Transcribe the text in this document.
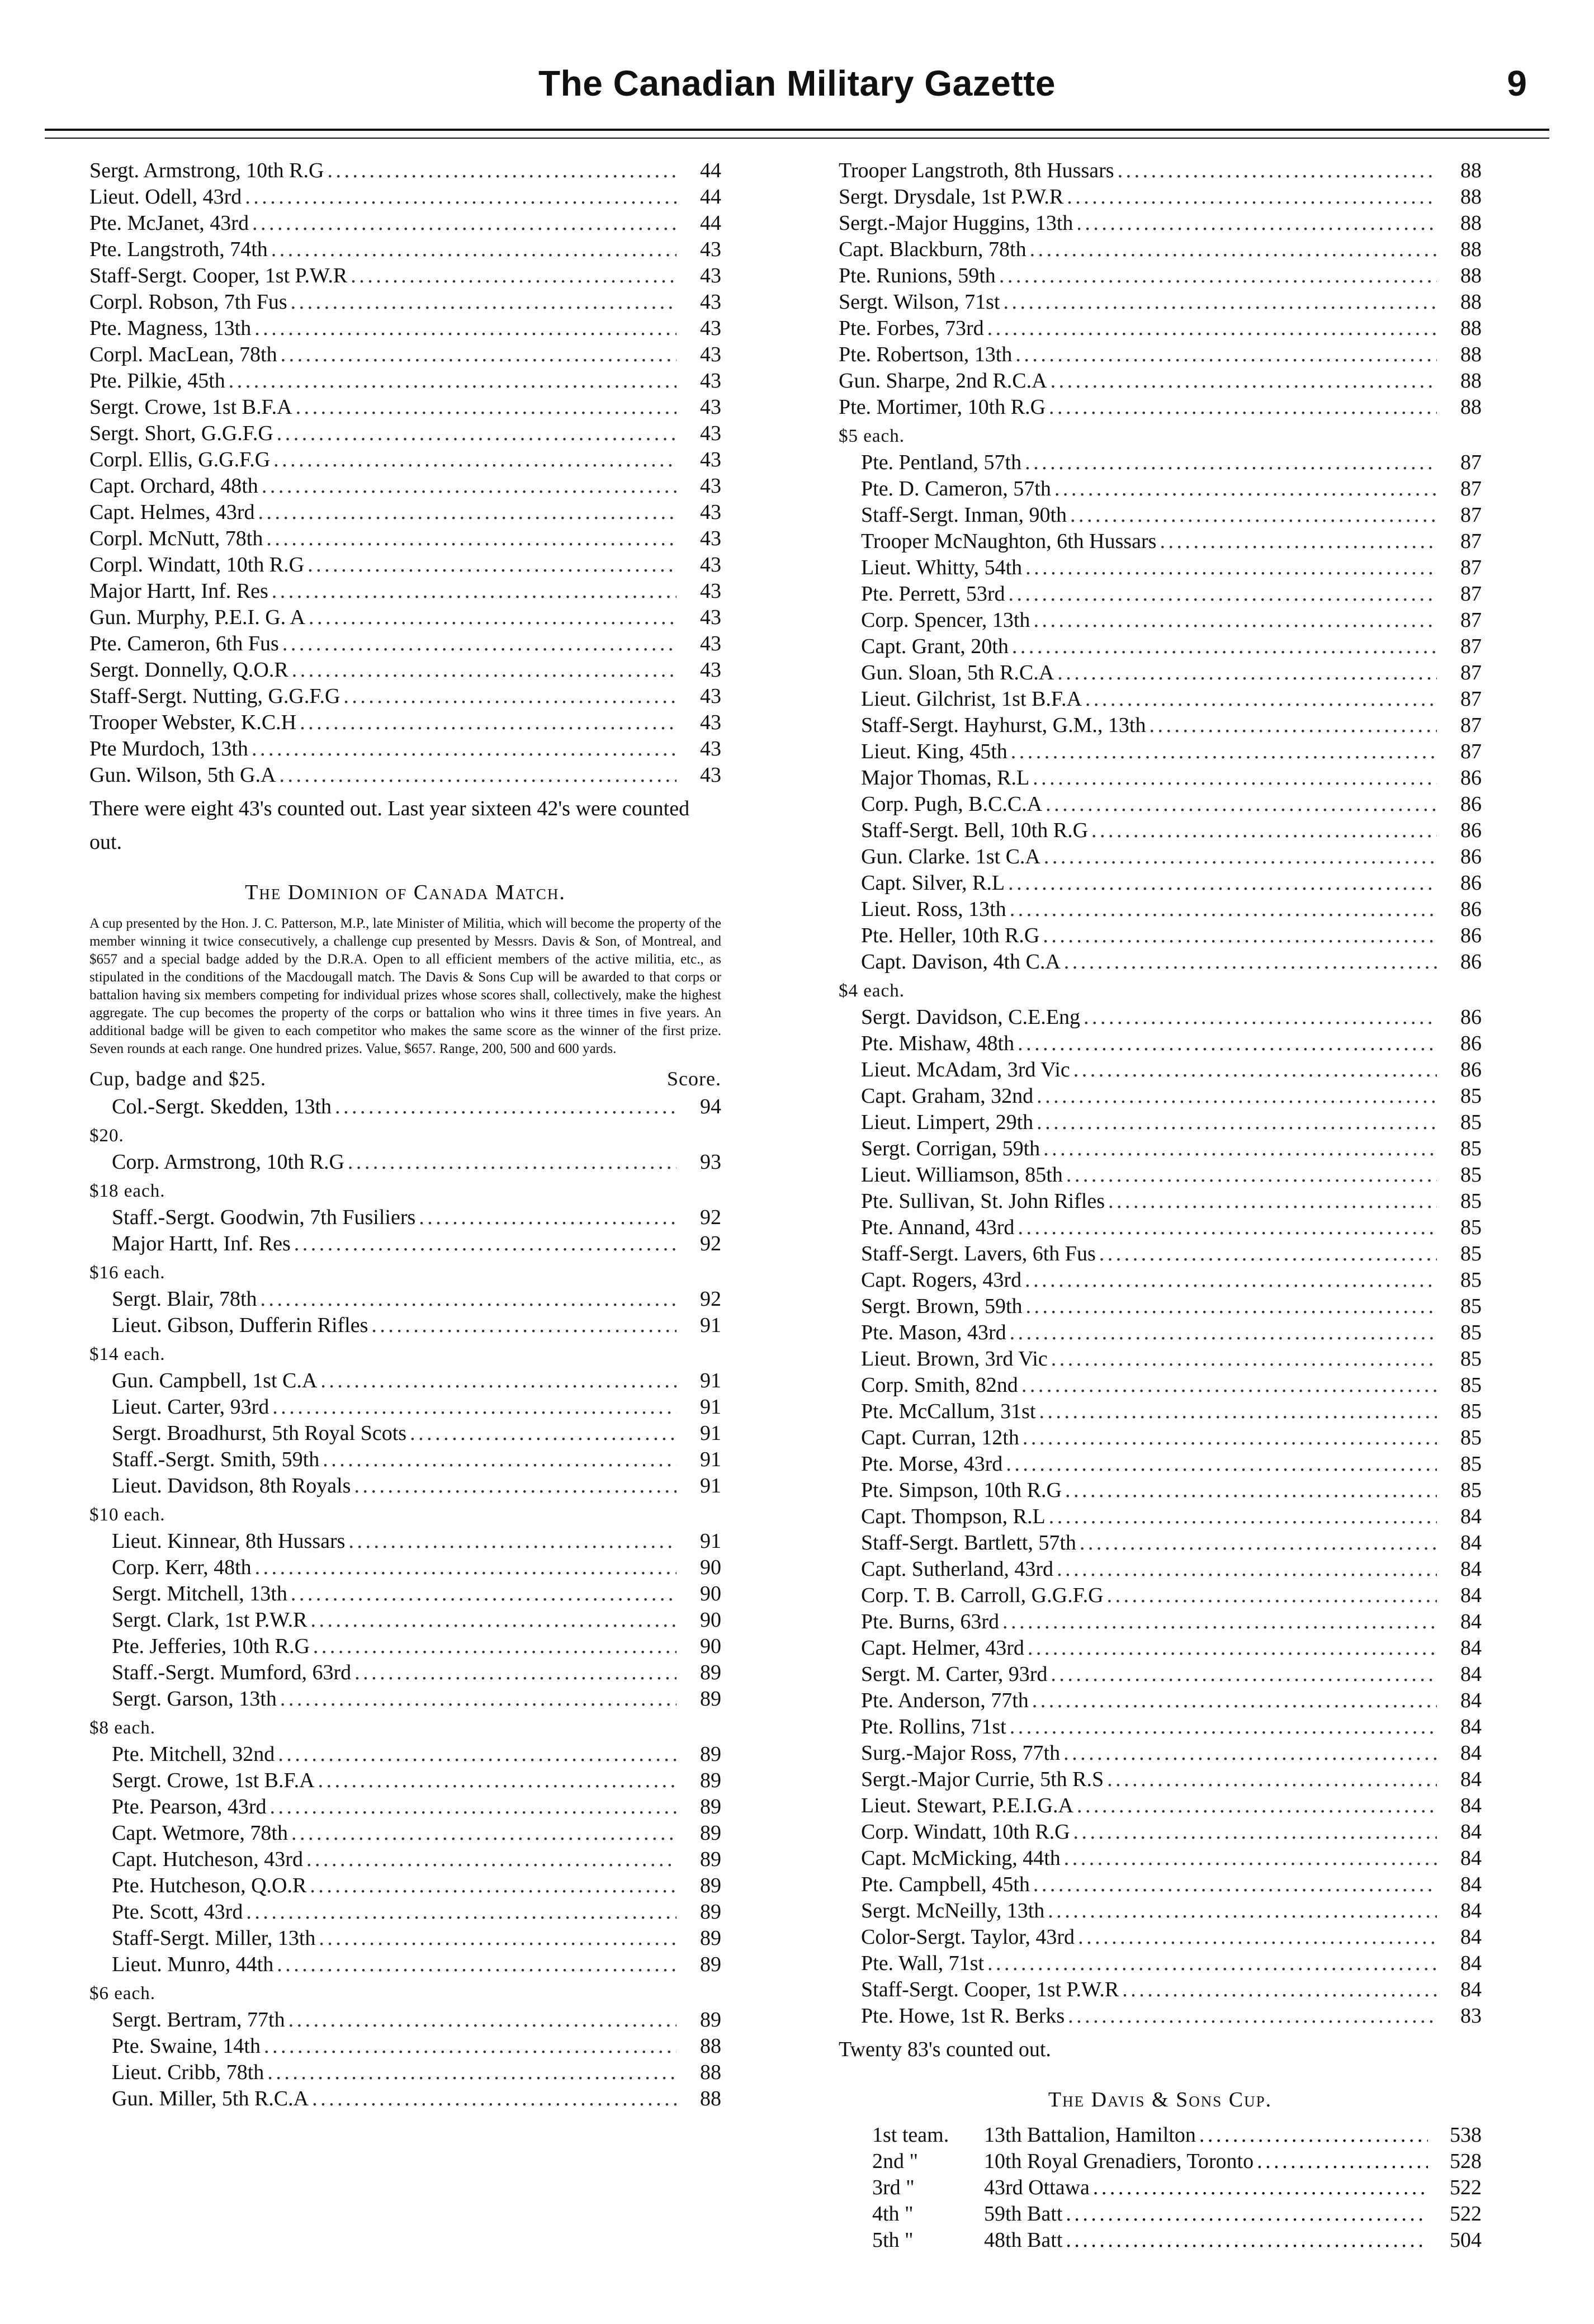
The Canadian Military Gazette	9
Sergt. Armstrong, 10th R.G . . .	44
Lieut. Odell, 43rd . . .	44
Pte. McJanet, 43rd . . .	44
Pte. Langstroth, 74th . . .	43
Staff-Sergt. Cooper, 1st P.W.R . . .	43
Corpl. Robson, 7th Fus . . .	43
Pte. Magness, 13th . . .	43
Corpl. MacLean, 78th . . .	43
Pte. Pilkie, 45th . . .	43
Sergt. Crowe, 1st B.F.A . . .	43
Sergt. Short, G.G.F.G . . .	43
Corpl. Ellis, G.G.F.G . . .	43
Capt. Orchard, 48th . . .	43
Capt. Helmes, 43rd . . .	43
Corpl. McNutt, 78th . . .	43
Corpl. Windatt, 10th R.G . . .	43
Major Hartt, Inf. Res . . .	43
Gun. Murphy, P.E.I. G. A . . .	43
Pte. Cameron, 6th Fus . . .	43
Sergt. Donnelly, Q.O.R . . .	43
Staff-Sergt. Nutting, G.G.F.G . . .	43
Trooper Webster, K.C.H . . .	43
Pte Murdoch, 13th . . .	43
Gun. Wilson, 5th G.A . . .	43

There were eight 43's counted out. Last year sixteen 42's were counted out.

The Dominion of Canada Match.

A cup presented by the Hon. J. C. Patterson, M.P., late Minister of Militia, which will become the property of the member winning it twice consecutively, a challenge cup presented by Messrs. Davis & Son, of Montreal, and $657 and a special badge added by the D.R.A. Open to all efficient members of the active militia, etc., as stipulated in the conditions of the Macdougall match. The Davis & Sons Cup will be awarded to that corps or battalion having six members competing for individual prizes whose scores shall, collectively, make the highest aggregate. The cup becomes the property of the corps or battalion who wins it three times in five years. An additional badge will be given to each competitor who makes the same score as the winner of the first prize. Seven rounds at each range. One hundred prizes. Value, $657. Range, 200, 500 and 600 yards.

Cup, badge and $25.	Score.
Col.-Sergt. Skedden, 13th . . .	94
$20.
Corp. Armstrong, 10th R.G . . .	93
$18 each.
Staff.-Sergt. Goodwin, 7th Fusiliers . . .	92
Major Hartt, Inf. Res . . .	92
$16 each.
Sergt. Blair, 78th . . .	92
Lieut. Gibson, Dufferin Rifles . . .	91
$14 each.
Gun. Campbell, 1st C.A . . .	91
Lieut. Carter, 93rd . . .	91
Sergt. Broadhurst, 5th Royal Scots . . .	91
Staff.-Sergt. Smith, 59th . . .	91
Lieut. Davidson, 8th Royals . . .	91
$10 each.
Lieut. Kinnear, 8th Hussars . . .	91
Corp. Kerr, 48th . . .	90
Sergt. Mitchell, 13th . . .	90
Sergt. Clark, 1st P.W.R . . .	90
Pte. Jefferies, 10th R.G . . .	90
Staff.-Sergt. Mumford, 63rd . . .	89
Sergt. Garson, 13th . . .	89
$8 each.
Pte. Mitchell, 32nd . . .	89
Sergt. Crowe, 1st B.F.A . . .	89
Pte. Pearson, 43rd . . .	89
Capt. Wetmore, 78th . . .	89
Capt. Hutcheson, 43rd . . .	89
Pte. Hutcheson, Q.O.R . . .	89
Pte. Scott, 43rd . . .	89
Staff-Sergt. Miller, 13th . . .	89
Lieut. Munro, 44th . . .	89
$6 each.
Sergt. Bertram, 77th . . .	89
Pte. Swaine, 14th . . .	88
Lieut. Cribb, 78th . . .	88
Gun. Miller, 5th R.C.A . . .	88
Trooper Langstroth, 8th Hussars . . .	88
Sergt. Drysdale, 1st P.W.R . . .	88
Sergt.-Major Huggins, 13th . . .	88
Capt. Blackburn, 78th . . .	88
Pte. Runions, 59th . . .	88
Sergt. Wilson, 71st . . .	88
Pte. Forbes, 73rd . . .	88
Pte. Robertson, 13th . . .	88
Gun. Sharpe, 2nd R.C.A . . .	88
Pte. Mortimer, 10th R.G . . .	88
$5 each.
Pte. Pentland, 57th . . .	87
Pte. D. Cameron, 57th . . .	87
Staff-Sergt. Inman, 90th . . .	87
Trooper McNaughton, 6th Hussars . . .	87
Lieut. Whitty, 54th . . .	87
Pte. Perrett, 53rd . . .	87
Corp. Spencer, 13th . . .	87
Capt. Grant, 20th . . .	87
Gun. Sloan, 5th R.C.A . . .	87
Lieut. Gilchrist, 1st B.F.A . . .	87
Staff-Sergt. Hayhurst, G.M., 13th . . .	87
Lieut. King, 45th . . .	87
Major Thomas, R.L . . .	86
Corp. Pugh, B.C.C.A . . .	86
Staff-Sergt. Bell, 10th R.G . . .	86
Gun. Clarke. 1st C.A . . .	86
Capt. Silver, R.L . . .	86
Lieut. Ross, 13th . . .	86
Pte. Heller, 10th R.G . . .	86
Capt. Davison, 4th C.A . . .	86
$4 each.
Sergt. Davidson, C.E.Eng . . .	86
Pte. Mishaw, 48th . . .	86
Lieut. McAdam, 3rd Vic . . .	86
Capt. Graham, 32nd . . .	85
Lieut. Limpert, 29th . . .	85
Sergt. Corrigan, 59th . . .	85
Lieut. Williamson, 85th . . .	85
Pte. Sullivan, St. John Rifles . . .	85
Pte. Annand, 43rd . . .	85
Staff-Sergt. Lavers, 6th Fus . . .	85
Capt. Rogers, 43rd . . .	85
Sergt. Brown, 59th . . .	85
Pte. Mason, 43rd . . .	85
Lieut. Brown, 3rd Vic . . .	85
Corp. Smith, 82nd . . .	85
Pte. McCallum, 31st . . .	85
Capt. Curran, 12th . . .	85
Pte. Morse, 43rd . . .	85
Pte. Simpson, 10th R.G . . .	85
Capt. Thompson, R.L . . .	84
Staff-Sergt. Bartlett, 57th . . .	84
Capt. Sutherland, 43rd . . .	84
Corp. T. B. Carroll, G.G.F.G . . .	84
Pte. Burns, 63rd . . .	84
Capt. Helmer, 43rd . . .	84
Sergt. M. Carter, 93rd . . .	84
Pte. Anderson, 77th . . .	84
Pte. Rollins, 71st . . .	84
Surg.-Major Ross, 77th . . .	84
Sergt.-Major Currie, 5th R.S . . .	84
Lieut. Stewart, P.E.I.G.A . . .	84
Corp. Windatt, 10th R.G . . .	84
Capt. McMicking, 44th . . .	84
Pte. Campbell, 45th . . .	84
Sergt. McNeilly, 13th . . .	84
Color-Sergt. Taylor, 43rd . . .	84
Pte. Wall, 71st . . .	84
Staff-Sergt. Cooper, 1st P.W.R . . .	84
Pte. Howe, 1st R. Berks . . .	83

Twenty 83's counted out.

The Davis & Sons Cup.
1st team.	13th Battalion, Hamilton . . .	538
2nd "	10th Royal Grenadiers, Toronto . . .	528
3rd "	43rd Ottawa . . .	522
4th "	59th Batt . . .	522
5th "	48th Batt . . .	504
